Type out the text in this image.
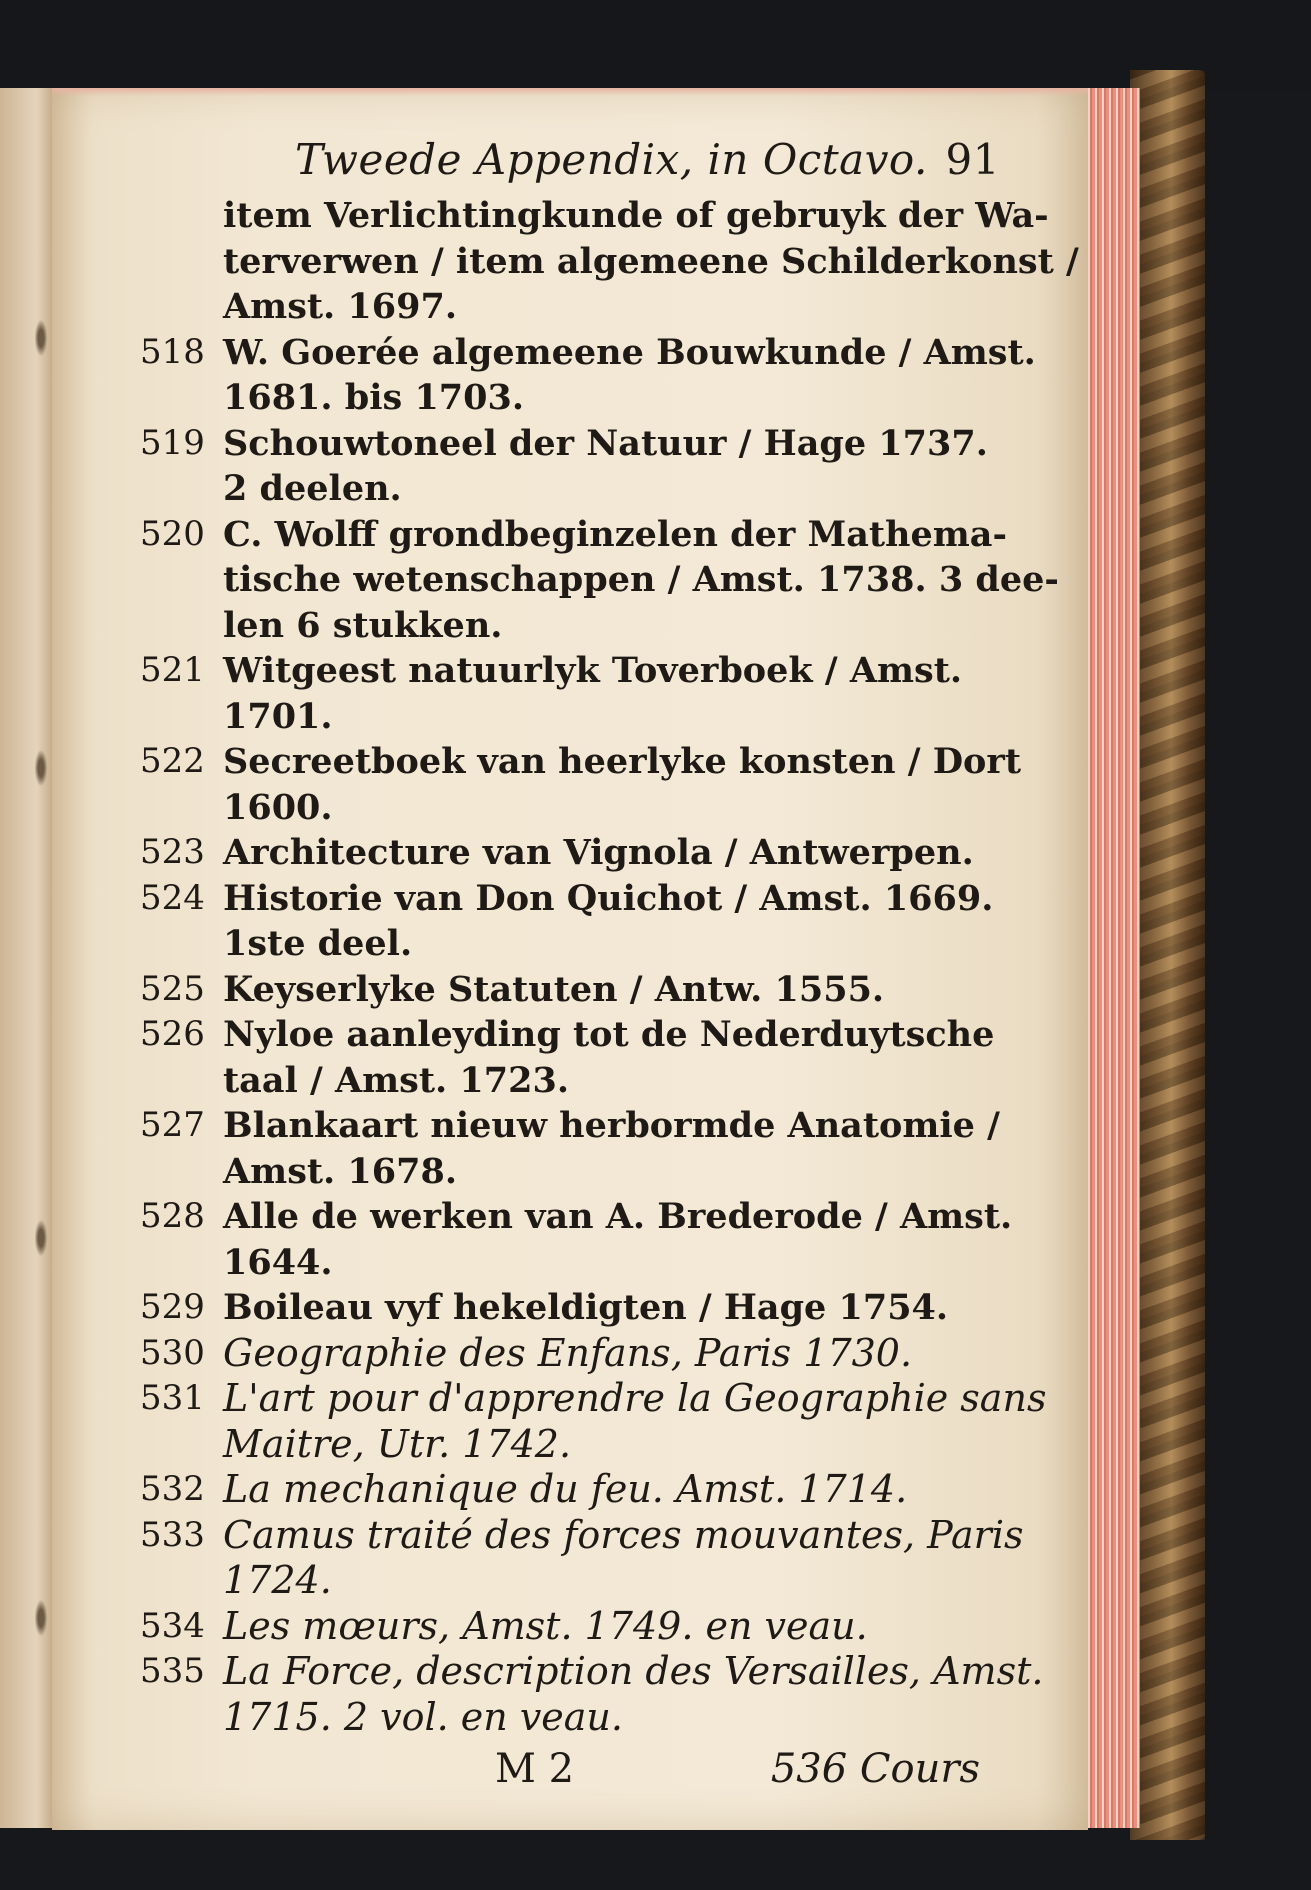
Tweede Appendix, in Octavo. 91
item Verlichtingkunde of gebruyk der Wa-
terverwen / item algemeene Schilderkonst /
Amst. 1697.
518 W. Goerée algemeene Bouwkunde / Amst.
1681. bis 1703.
519 Schouwtoneel der Natuur / Hage 1737.
2 deelen.
520 C. Wolff grondbeginzelen der Mathema-
tische wetenschappen / Amst. 1738. 3 dee-
len 6 stukken.
521 Witgeest natuurlyk Toverboek / Amst.
1701.
522 Secreetboek van heerlyke konsten / Dort
1600.
523 Architecture van Vignola / Antwerpen.
524 Historie van Don Quichot / Amst. 1669.
1ste deel.
525 Keyserlyke Statuten / Antw. 1555.
526 Nyloe aanleyding tot de Nederduytsche
taal / Amst. 1723.
527 Blankaart nieuw herbormde Anatomie /
Amst. 1678.
528 Alle de werken van A. Brederode / Amst.
1644.
529 Boileau vyf hekeldigten / Hage 1754.
530 Geographie des Enfans, Paris 1730.
531 L'art pour d'apprendre la Geographie sans
Maitre, Utr. 1742.
532 La mechanique du feu. Amst. 1714.
533 Camus traité des forces mouvantes, Paris
1724.
534 Les mœurs, Amst. 1749. en veau.
535 La Force, description des Versailles, Amst.
1715. 2 vol. en veau.
M 2	536 Cours
